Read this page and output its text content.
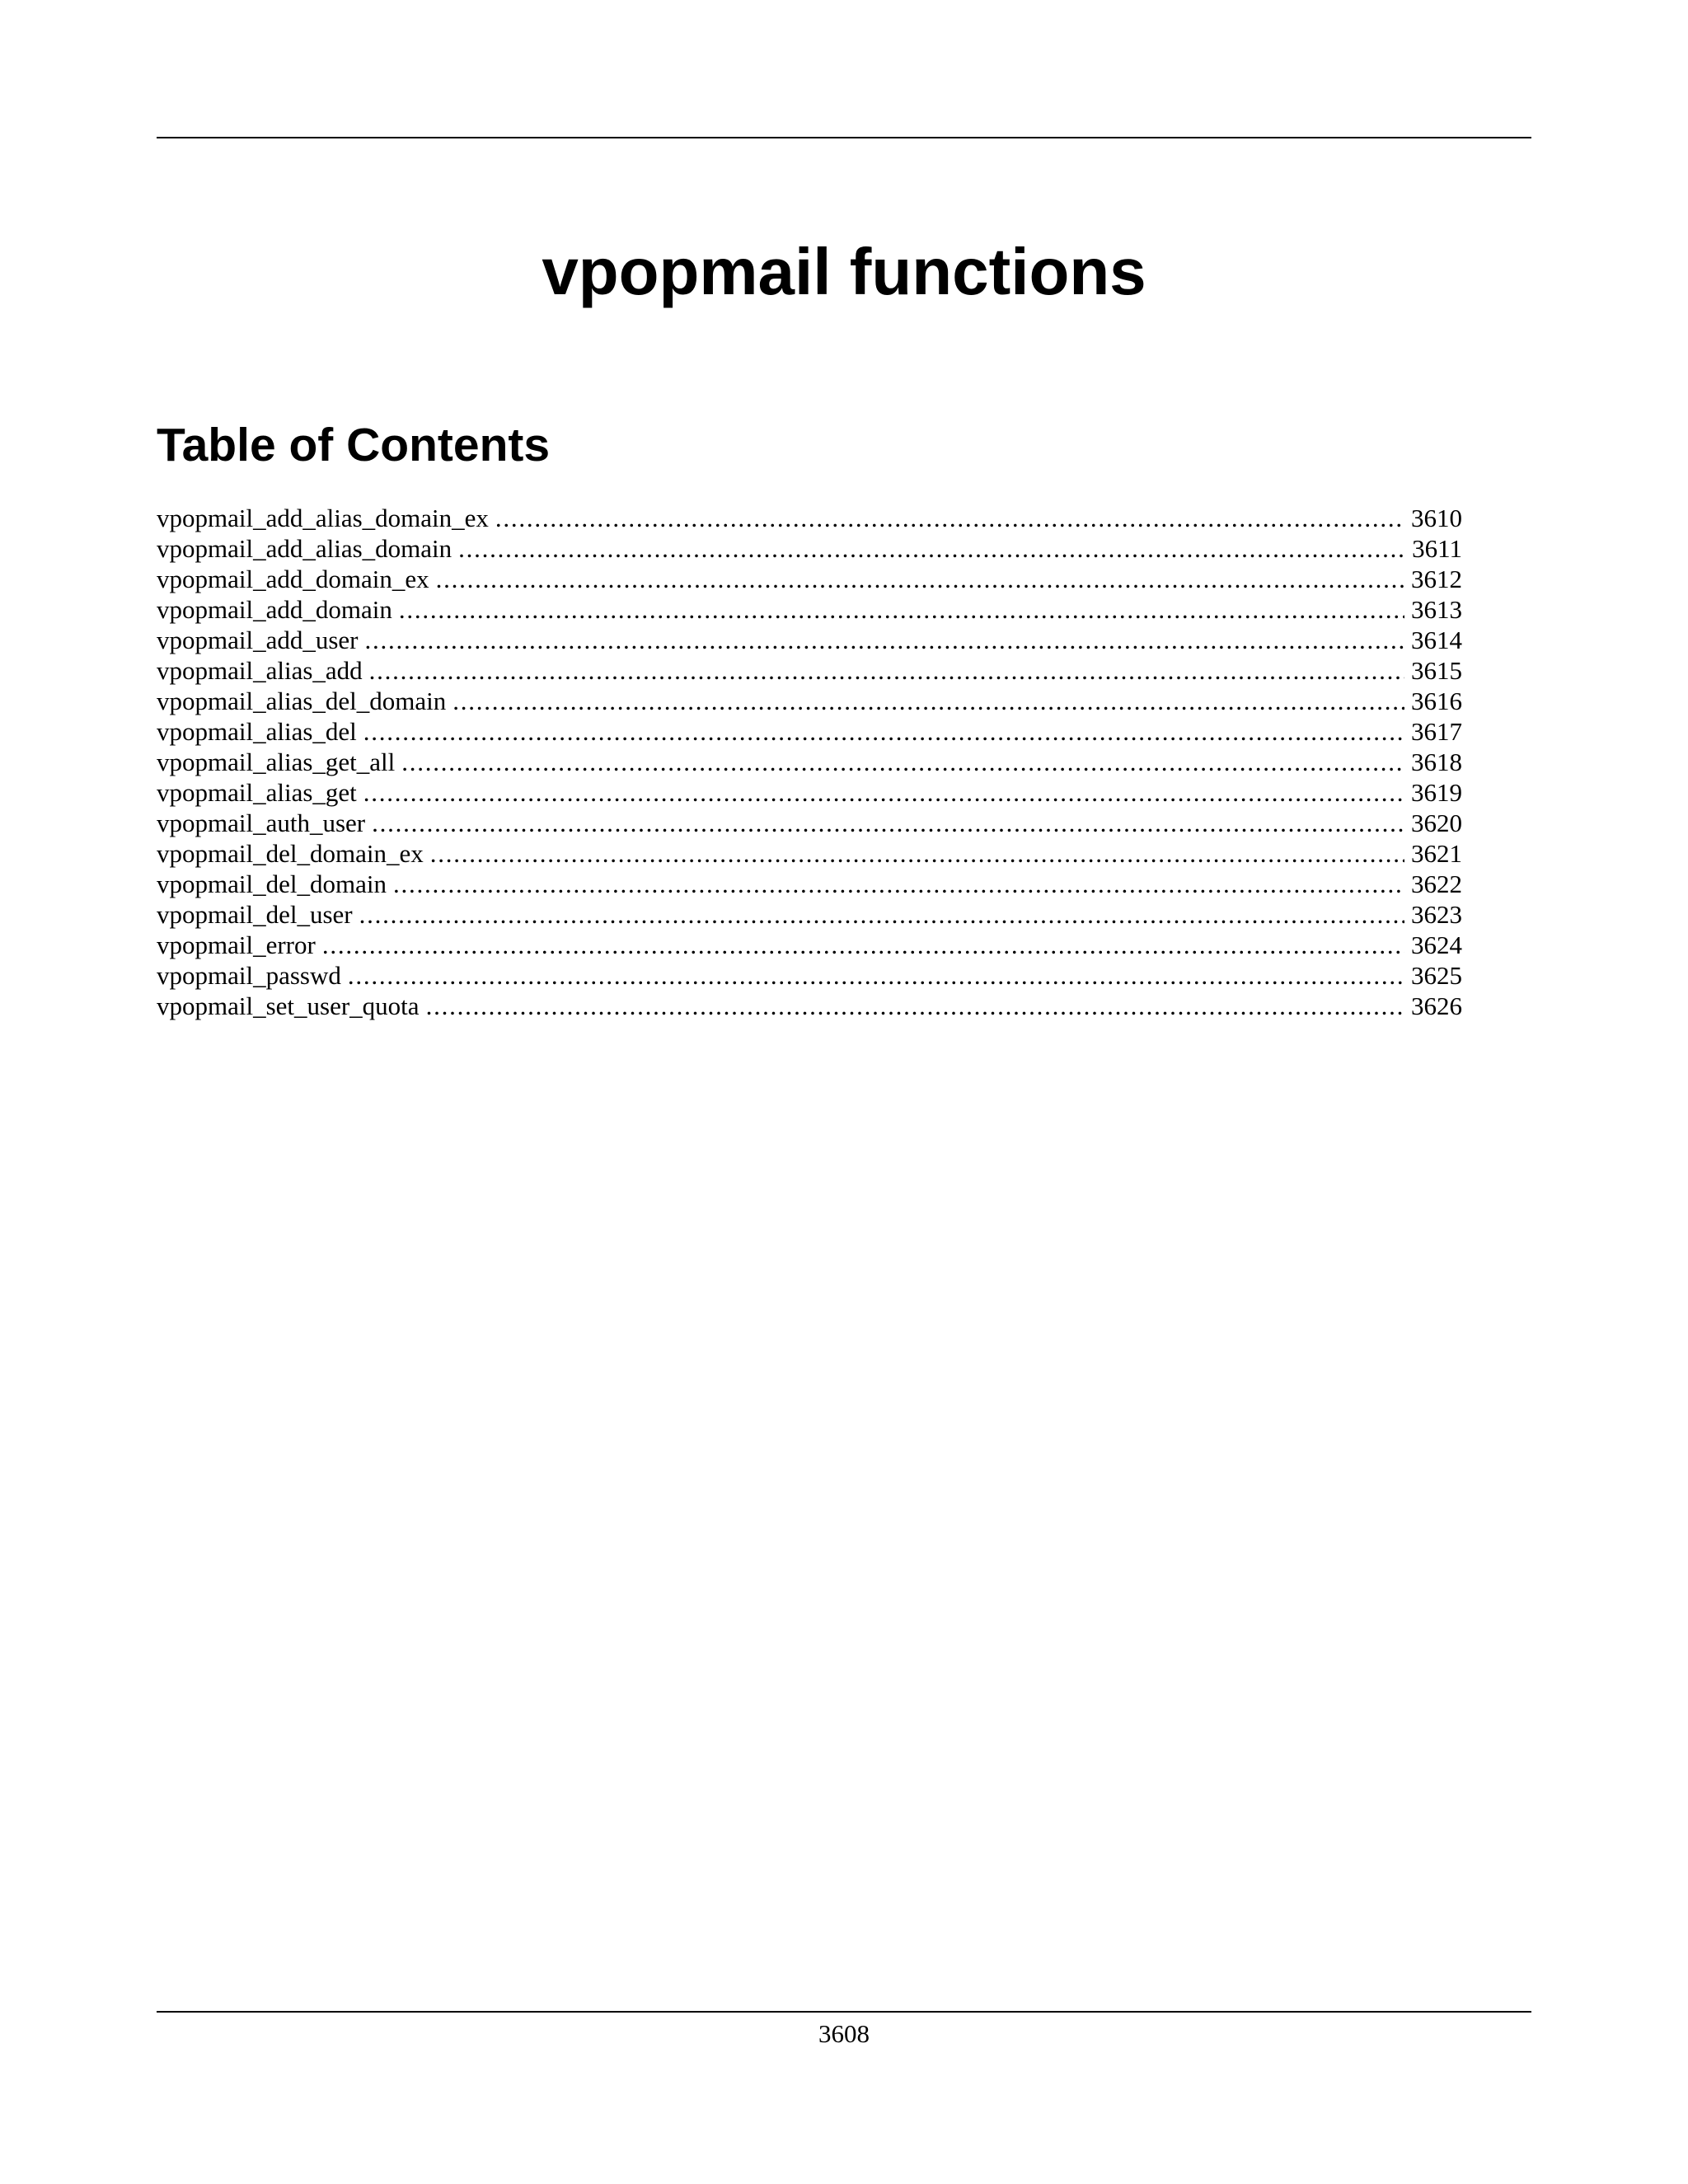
vpopmail functions
Table of Contents
vpopmail_add_alias_domain_ex . . .	3610
vpopmail_add_alias_domain . . .	3611
vpopmail_add_domain_ex . . .	3612
vpopmail_add_domain . . .	3613
vpopmail_add_user . . .	3614
vpopmail_alias_add . . .	3615
vpopmail_alias_del_domain . . .	3616
vpopmail_alias_del . . .	3617
vpopmail_alias_get_all . . .	3618
vpopmail_alias_get . . .	3619
vpopmail_auth_user . . .	3620
vpopmail_del_domain_ex . . .	3621
vpopmail_del_domain . . .	3622
vpopmail_del_user . . .	3623
vpopmail_error . . .	3624
vpopmail_passwd . . .	3625
vpopmail_set_user_quota . . .	3626
3608
